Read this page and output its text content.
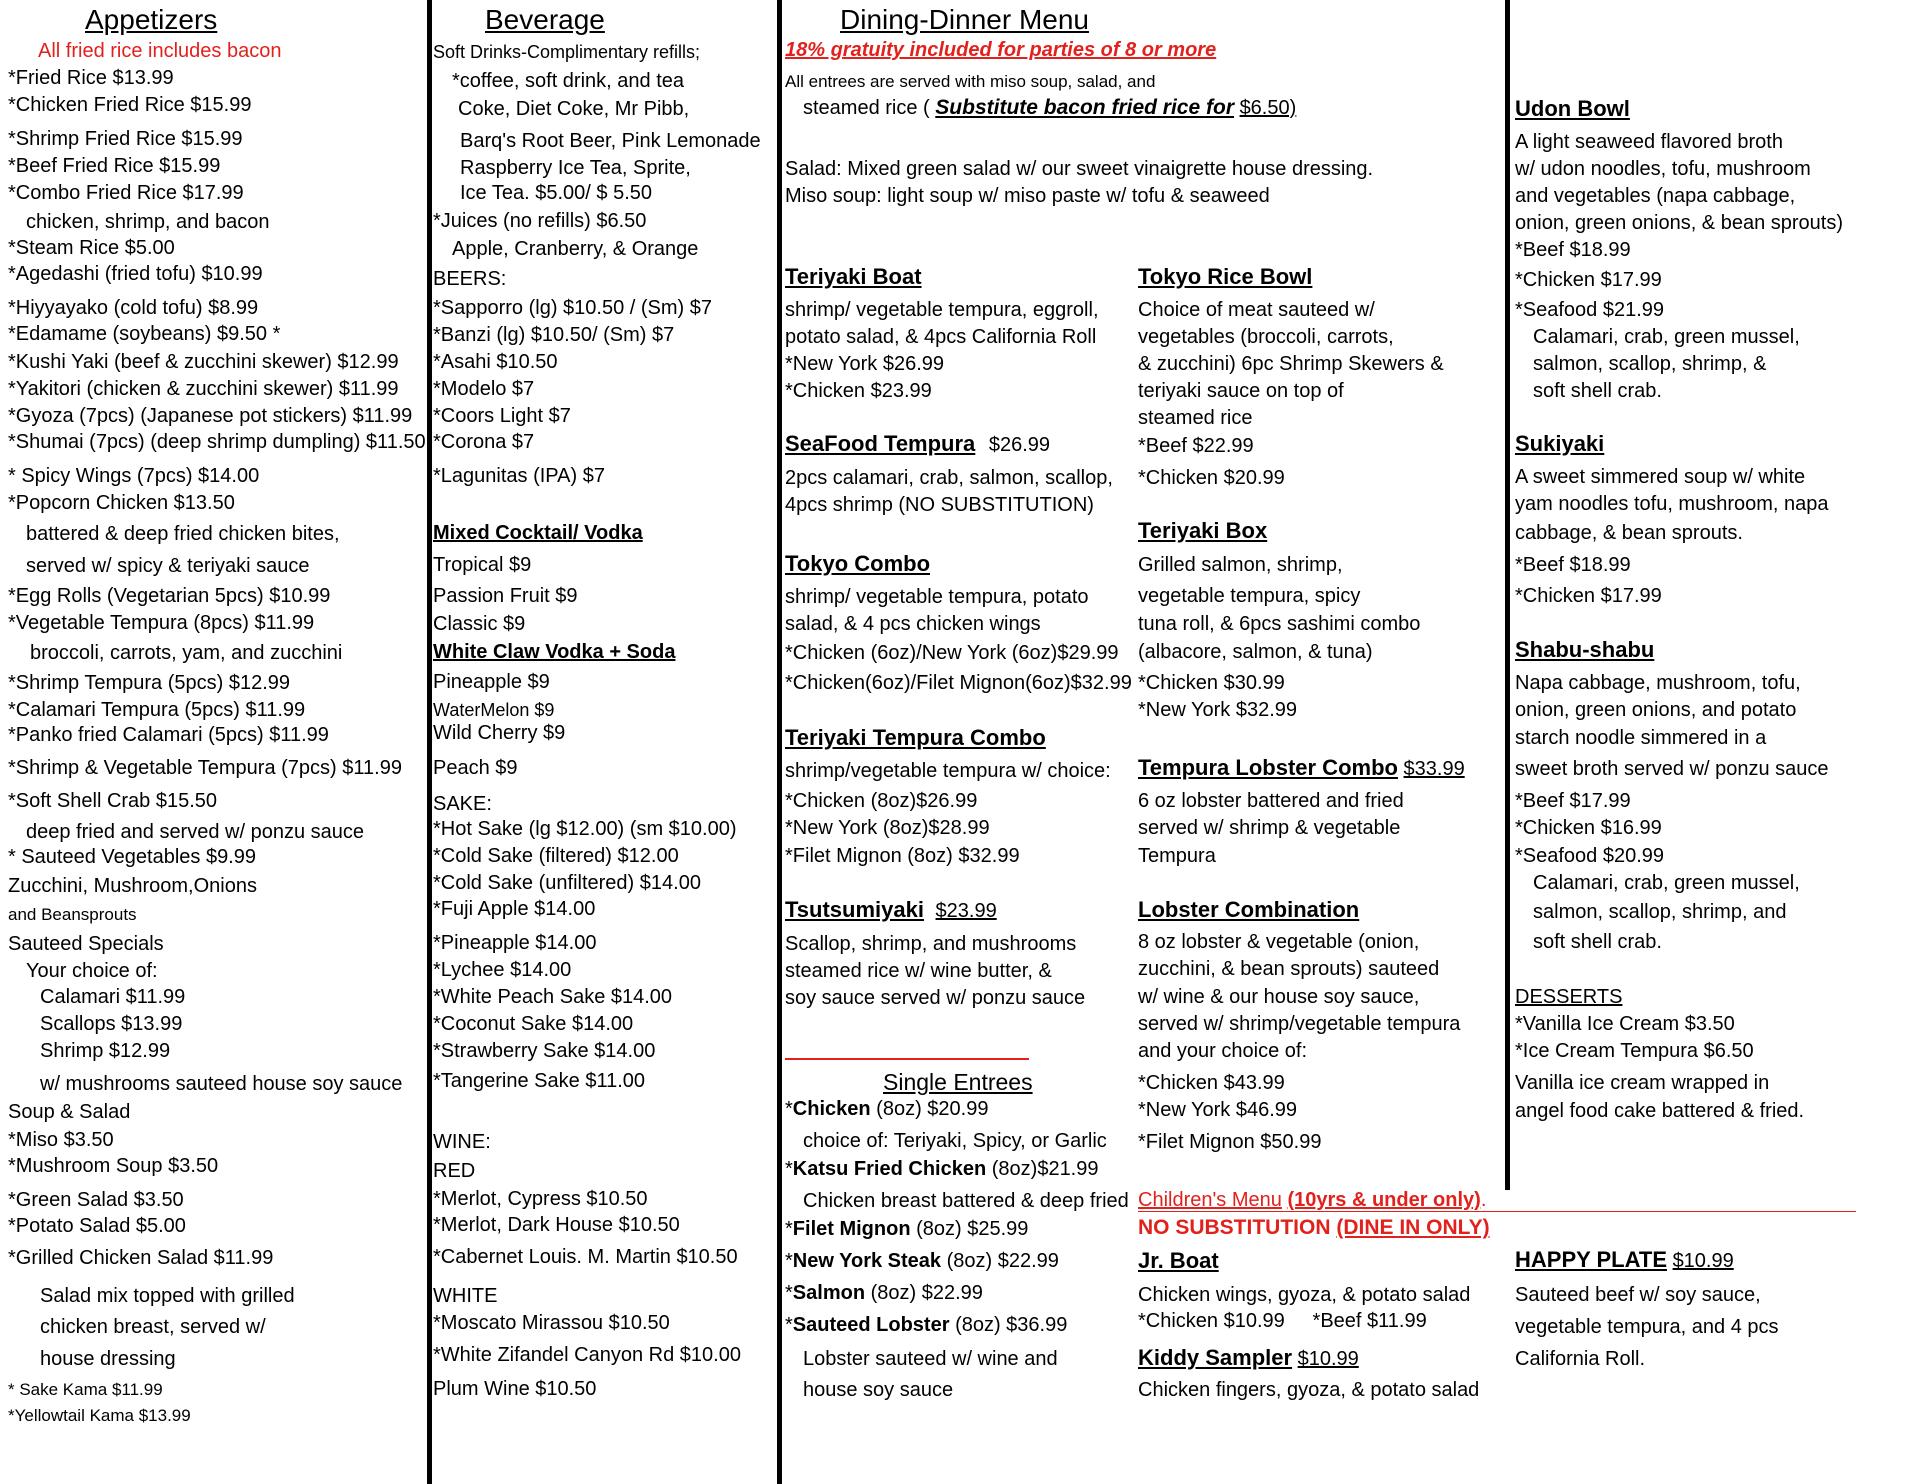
Appetizers
All fried rice includes bacon
*Fried Rice $13.99
*Chicken Fried Rice $15.99
*Shrimp Fried Rice $15.99
*Beef Fried Rice $15.99
*Combo Fried Rice $17.99
chicken, shrimp, and bacon
*Steam Rice $5.00
*Agedashi (fried tofu) $10.99
*Hiyyayako (cold tofu) $8.99
*Edamame (soybeans) $9.50 *
*Kushi Yaki (beef & zucchini skewer) $12.99
*Yakitori (chicken & zucchini skewer) $11.99
*Gyoza (7pcs) (Japanese pot stickers) $11.99
*Shumai (7pcs) (deep shrimp dumpling) $11.50
* Spicy Wings (7pcs) $14.00
*Popcorn Chicken $13.50
battered & deep fried chicken bites,
served w/ spicy & teriyaki sauce
*Egg Rolls (Vegetarian 5pcs) $10.99
*Vegetable Tempura (8pcs) $11.99
broccoli, carrots, yam, and zucchini
*Shrimp Tempura (5pcs) $12.99
*Calamari Tempura (5pcs) $11.99
*Panko fried Calamari (5pcs) $11.99
*Shrimp & Vegetable Tempura (7pcs) $11.99
*Soft Shell Crab $15.50
deep fried and served w/ ponzu sauce
* Sauteed Vegetables $9.99
Zucchini, Mushroom,Onions
and Beansprouts
Sauteed Specials
Your choice of:
Calamari $11.99
Scallops $13.99
Shrimp $12.99
w/ mushrooms sauteed house soy sauce
Soup & Salad
*Miso $3.50
*Mushroom Soup $3.50
*Green Salad $3.50
*Potato Salad $5.00
*Grilled Chicken Salad $11.99
Salad mix topped with grilled
chicken breast, served w/
house dressing
* Sake Kama $11.99
*Yellowtail Kama $13.99
Beverage
Soft Drinks-Complimentary refills;
*coffee, soft drink, and tea
Coke, Diet Coke, Mr Pibb,
Barq's Root Beer, Pink Lemonade
Raspberry Ice Tea, Sprite,
Ice Tea. $5.00/ $ 5.50
*Juices (no refills) $6.50
Apple, Cranberry, & Orange
BEERS:
*Sapporro (lg) $10.50 / (Sm) $7
*Banzi (lg) $10.50/ (Sm) $7
*Asahi $10.50
*Modelo $7
*Coors Light $7
*Corona $7
*Lagunitas (IPA) $7
Mixed Cocktail/ Vodka
Tropical $9
Passion Fruit $9
Classic $9
White Claw Vodka + Soda
Pineapple $9
WaterMelon $9
Wild Cherry $9
Peach $9
SAKE:
*Hot Sake (lg $12.00) (sm $10.00)
*Cold Sake (filtered) $12.00
*Cold Sake (unfiltered) $14.00
*Fuji Apple $14.00
*Pineapple $14.00
*Lychee $14.00
*White Peach Sake $14.00
*Coconut Sake $14.00
*Strawberry Sake $14.00
*Tangerine Sake $11.00
WINE:
RED
*Merlot, Cypress $10.50
*Merlot, Dark House $10.50
*Cabernet Louis. M. Martin $10.50
WHITE
*Moscato Mirassou $10.50
*White Zifandel Canyon Rd $10.00
Plum Wine $10.50
Dining-Dinner Menu
18% gratuity included for parties of 8 or more
All entrees are served with miso soup, salad, and
steamed rice ( Substitute bacon fried rice for $6.50)
Salad: Mixed green salad w/ our sweet vinaigrette house dressing.
Miso soup: light soup w/ miso paste w/ tofu & seaweed
Teriyaki Boat
shrimp/ vegetable tempura, eggroll,
potato salad, & 4pcs California Roll
*New York $26.99
*Chicken $23.99
SeaFood Tempura $26.99
2pcs calamari, crab, salmon, scallop,
4pcs shrimp (NO SUBSTITUTION)
Tokyo Combo
shrimp/ vegetable tempura, potato
salad, & 4 pcs chicken wings
*Chicken (6oz)/New York (6oz)$29.99
*Chicken(6oz)/Filet Mignon(6oz)$32.99
Teriyaki Tempura Combo
shrimp/vegetable tempura w/ choice:
*Chicken (8oz)$26.99
*New York (8oz)$28.99
*Filet Mignon (8oz) $32.99
Tsutsumiyaki $23.99
Scallop, shrimp, and mushrooms
steamed rice w/ wine butter, &
soy sauce served w/ ponzu sauce
Tokyo Rice Bowl
Choice of meat sauteed w/
vegetables (broccoli, carrots,
& zucchini) 6pc Shrimp Skewers &
teriyaki sauce on top of
steamed rice
*Beef $22.99
*Chicken $20.99
Teriyaki Box
Grilled salmon, shrimp,
vegetable tempura, spicy
tuna roll, & 6pcs sashimi combo
(albacore, salmon, & tuna)
*Chicken $30.99
*New York $32.99
Tempura Lobster Combo $33.99
6 oz lobster battered and fried
served w/ shrimp & vegetable
Tempura
Lobster Combination
8 oz lobster & vegetable (onion,
zucchini, & bean sprouts) sauteed
w/ wine & our house soy sauce,
served w/ shrimp/vegetable tempura
and your choice of:
*Chicken $43.99
*New York $46.99
*Filet Mignon $50.99
Single Entrees
*Chicken (8oz) $20.99
choice of: Teriyaki, Spicy, or Garlic
*Katsu Fried Chicken (8oz)$21.99
Chicken breast battered & deep fried
*Filet Mignon (8oz) $25.99
*New York Steak (8oz) $22.99
*Salmon (8oz) $22.99
*Sauteed Lobster (8oz) $36.99
Lobster sauteed w/ wine and
house soy sauce
Udon Bowl
A light seaweed flavored broth
w/ udon noodles, tofu, mushroom
and vegetables (napa cabbage,
onion, green onions, & bean sprouts)
*Beef $18.99
*Chicken $17.99
*Seafood $21.99
Calamari, crab, green mussel,
salmon, scallop, shrimp, &
soft shell crab.
Sukiyaki
A sweet simmered soup w/ white
yam noodles tofu, mushroom, napa
cabbage, & bean sprouts.
*Beef $18.99
*Chicken $17.99
Shabu-shabu
Napa cabbage, mushroom, tofu,
onion, green onions, and potato
starch noodle simmered in a
sweet broth served w/ ponzu sauce
*Beef $17.99
*Chicken $16.99
*Seafood $20.99
Calamari, crab, green mussel,
salmon, scallop, shrimp, and
soft shell crab.
DESSERTS
*Vanilla Ice Cream $3.50
*Ice Cream Tempura $6.50
Vanilla ice cream wrapped in
angel food cake battered & fried.
Children's Menu (10yrs & under only).
NO SUBSTITUTION (DINE IN ONLY)
Jr. Boat
Chicken wings, gyoza, & potato salad
*Chicken $10.99     *Beef $11.99
Kiddy Sampler $10.99
Chicken fingers, gyoza, & potato salad
HAPPY PLATE $10.99
Sauteed beef w/ soy sauce,
vegetable tempura, and 4 pcs
California Roll.
